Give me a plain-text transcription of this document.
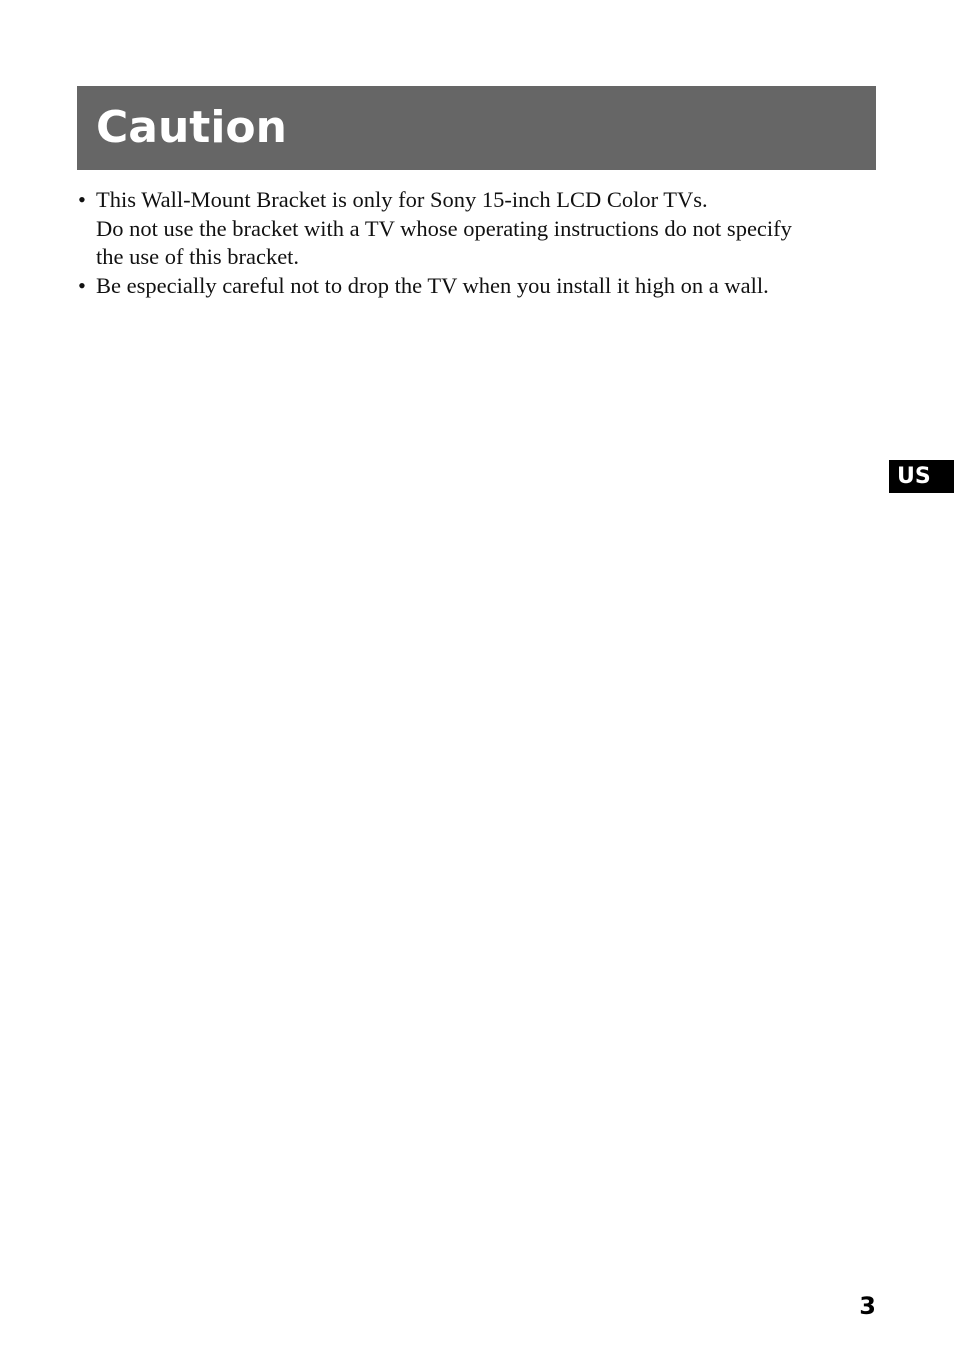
Caution
• This Wall-Mount Bracket is only for Sony 15-inch LCD Color TVs.
Do not use the bracket with a TV whose operating instructions do not specify
the use of this bracket.
• Be especially careful not to drop the TV when you install it high on a wall.
US
3
